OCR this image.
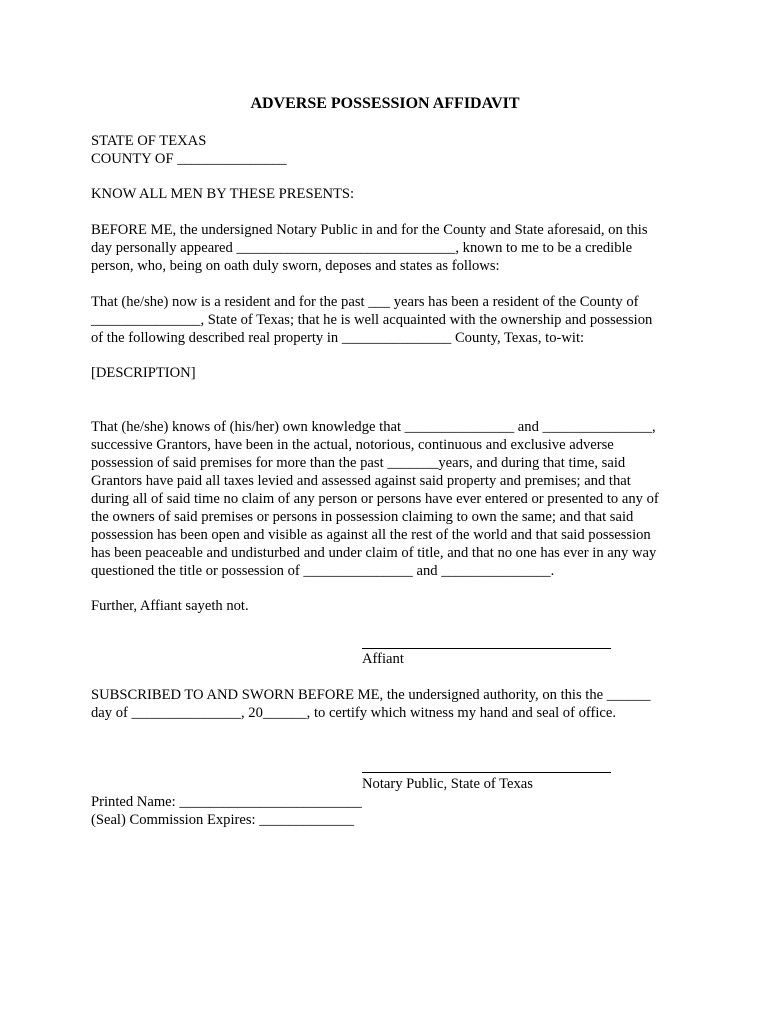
ADVERSE POSSESSION AFFIDAVIT
STATE OF TEXAS
COUNTY OF _______________
KNOW ALL MEN BY THESE PRESENTS:
BEFORE ME, the undersigned Notary Public in and for the County and State aforesaid, on this
day personally appeared ______________________________, known to me to be a credible
person, who, being on oath duly sworn, deposes and states as follows:
That (he/she) now is a resident and for the past ___ years has been a resident of the County of
_______________, State of Texas; that he is well acquainted with the ownership and possession
of the following described real property in _______________ County, Texas, to-wit:
[DESCRIPTION]
That (he/she) knows of (his/her) own knowledge that _______________ and _______________,
successive Grantors, have been in the actual, notorious, continuous and exclusive adverse
possession of said premises for more than the past _______years, and during that time, said
Grantors have paid all taxes levied and assessed against said property and premises; and that
during all of said time no claim of any person or persons have ever entered or presented to any of
the owners of said premises or persons in possession claiming to own the same; and that said
possession has been open and visible as against all the rest of the world and that said possession
has been peaceable and undisturbed and under claim of title, and that no one has ever in any way
questioned the title or possession of _______________ and _______________.
Further, Affiant sayeth not.
Affiant
SUBSCRIBED TO AND SWORN BEFORE ME, the undersigned authority, on this the ______
day of _______________, 20______, to certify which witness my hand and seal of office.
Notary Public, State of Texas
Printed Name: _________________________
(Seal) Commission Expires: _____________
